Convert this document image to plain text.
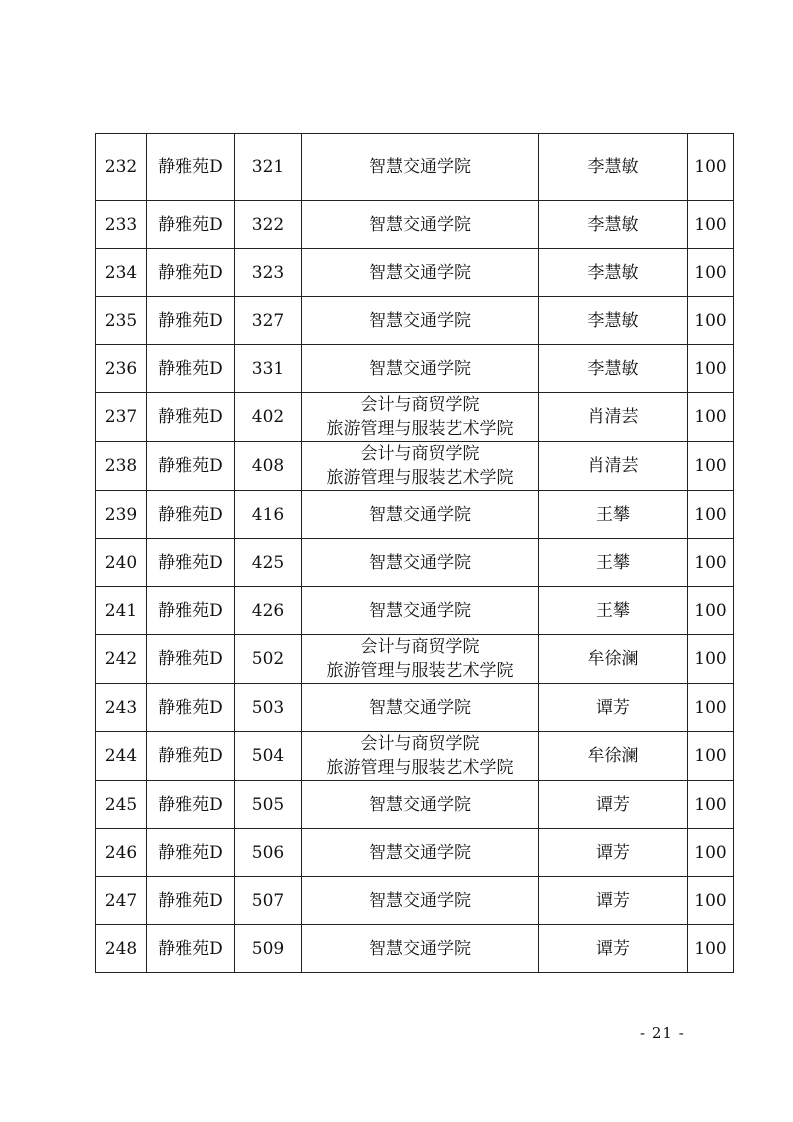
232	静雅苑D	321	智慧交通学院	李慧敏	100
233	静雅苑D	322	智慧交通学院	李慧敏	100
234	静雅苑D	323	智慧交通学院	李慧敏	100
235	静雅苑D	327	智慧交通学院	李慧敏	100
236	静雅苑D	331	智慧交通学院	李慧敏	100
237	静雅苑D	402	会计与商贸学院
旅游管理与服装艺术学院	肖清芸	100
238	静雅苑D	408	会计与商贸学院
旅游管理与服装艺术学院	肖清芸	100
239	静雅苑D	416	智慧交通学院	王攀	100
240	静雅苑D	425	智慧交通学院	王攀	100
241	静雅苑D	426	智慧交通学院	王攀	100
242	静雅苑D	502	会计与商贸学院
旅游管理与服装艺术学院	牟徐澜	100
243	静雅苑D	503	智慧交通学院	谭芳	100
244	静雅苑D	504	会计与商贸学院
旅游管理与服装艺术学院	牟徐澜	100
245	静雅苑D	505	智慧交通学院	谭芳	100
246	静雅苑D	506	智慧交通学院	谭芳	100
247	静雅苑D	507	智慧交通学院	谭芳	100
248	静雅苑D	509	智慧交通学院	谭芳	100
- 21 -
